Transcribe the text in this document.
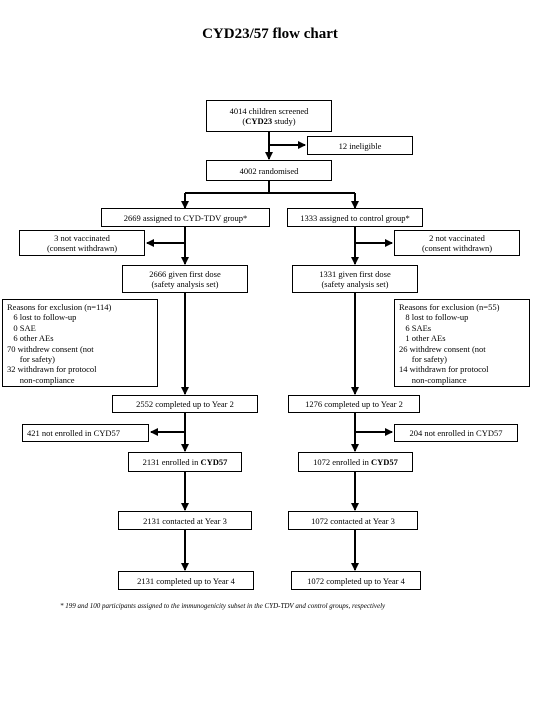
CYD23/57 flow chart
4014 children screened
(CYD23 study)
12 ineligible
4002 randomised
2669 assigned to CYD-TDV group*	1333 assigned to control group*
3 not vaccinated
(consent withdrawn)
2 not vaccinated
(consent withdrawn)
2666 given first dose
(safety analysis set)
1331 given first dose
(safety analysis set)
Reasons for exclusion (n=114)
6 lost to follow-up
0 SAE
6 other AEs
70 withdrew consent (not
for safety)
32 withdrawn for protocol
non-compliance
Reasons for exclusion (n=55)
8 lost to follow-up
6 SAEs
1 other AEs
26 withdrew consent (not
for safety)
14 withdrawn for protocol
non-compliance
2552 completed up to Year 2	1276 completed up to Year 2
421 not enrolled in CYD57	204 not enrolled in CYD57
2131 enrolled in CYD57	1072 enrolled in CYD57
2131 contacted at Year 3	1072 contacted at Year 3
2131 completed up to Year 4	1072 completed up to Year 4
* 199 and 100 participants assigned to the immunogenicity subset in the CYD-TDV and control groups, respectively
